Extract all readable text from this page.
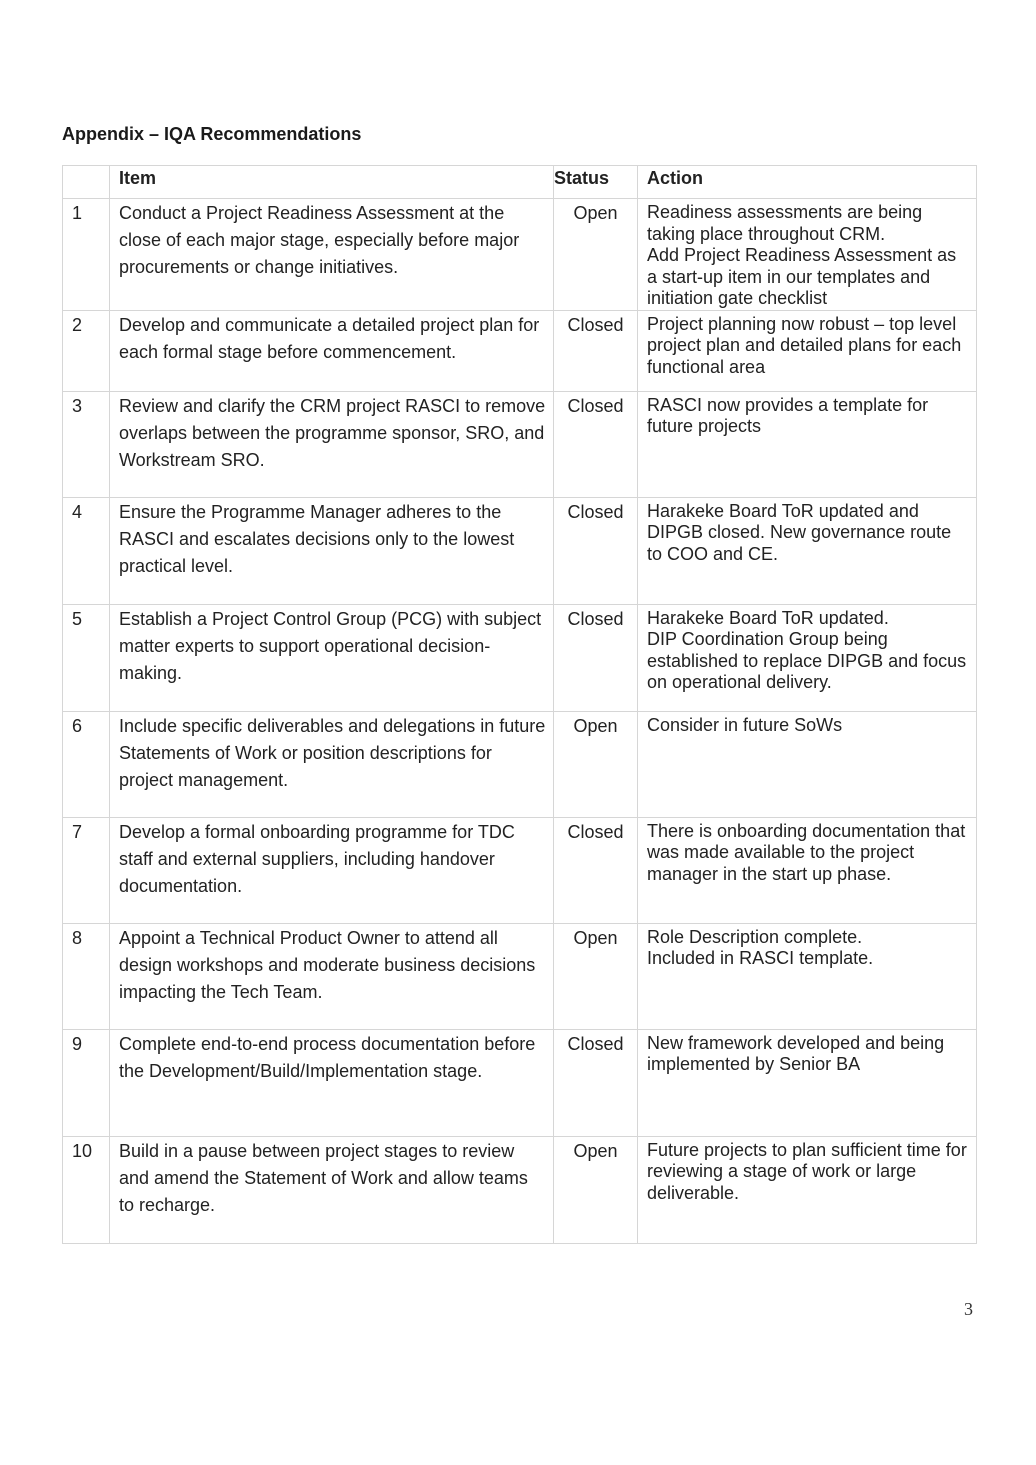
Appendix – IQA Recommendations
	Item	Status	Action
1	Conduct a Project Readiness Assessment at the close of each major stage, especially before major procurements or change initiatives.	Open	Readiness assessments are being taking place throughout CRM.
Add Project Readiness Assessment as a start-up item in our templates and initiation gate checklist
2	Develop and communicate a detailed project plan for each formal stage before commencement.	Closed	Project planning now robust – top level project plan and detailed plans for each functional area
3	Review and clarify the CRM project RASCI to remove overlaps between the programme sponsor, SRO, and Workstream SRO.	Closed	RASCI now provides a template for future projects
4	Ensure the Programme Manager adheres to the RASCI and escalates decisions only to the lowest practical level.	Closed	Harakeke Board ToR updated and DIPGB closed. New governance route to COO and CE.
5	Establish a Project Control Group (PCG) with subject matter experts to support operational decision-making.	Closed	Harakeke Board ToR updated.
DIP Coordination Group being established to replace DIPGB and focus on operational delivery.
6	Include specific deliverables and delegations in future Statements of Work or position descriptions for project management.	Open	Consider in future SoWs
7	Develop a formal onboarding programme for TDC staff and external suppliers, including handover documentation.	Closed	There is onboarding documentation that was made available to the project manager in the start up phase.
8	Appoint a Technical Product Owner to attend all design workshops and moderate business decisions impacting the Tech Team.	Open	Role Description complete.
Included in RASCI template.
9	Complete end-to-end process documentation before the Development/Build/Implementation stage.	Closed	New framework developed and being implemented by Senior BA
10	Build in a pause between project stages to review and amend the Statement of Work and allow teams to recharge.	Open	Future projects to plan sufficient time for reviewing a stage of work or large deliverable.
3
